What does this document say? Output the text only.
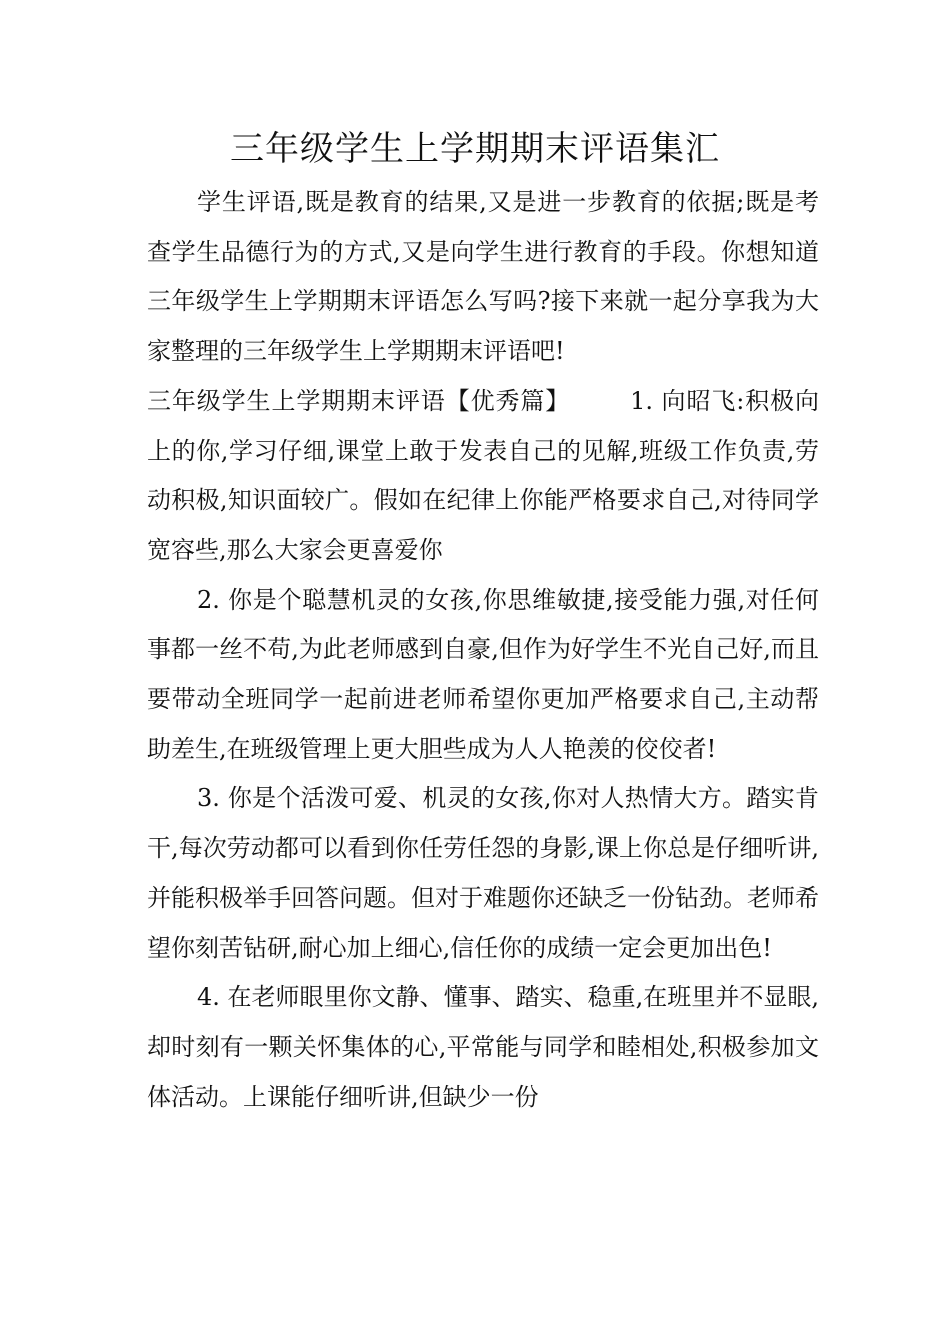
三年级学生上学期期末评语集汇

学生评语,既是教育的结果,又是进一步教育的依据;既是考查学生品德行为的方式,又是向学生进行教育的手段。你想知道三年级学生上学期期末评语怎么写吗?接下来就一起分享我为大家整理的三年级学生上学期期末评语吧!

三年级学生上学期期末评语【优秀篇】	1. 向昭飞:积极向上的你,学习仔细,课堂上敢于发表自己的见解,班级工作负责,劳动积极,知识面较广。假如在纪律上你能严格要求自己,对待同学宽容些,那么大家会更喜爱你

2. 你是个聪慧机灵的女孩,你思维敏捷,接受能力强,对任何事都一丝不苟,为此老师感到自豪,但作为好学生不光自己好,而且要带动全班同学一起前进老师希望你更加严格要求自己,主动帮助差生,在班级管理上更大胆些成为人人艳羡的佼佼者!

3. 你是个活泼可爱、机灵的女孩,你对人热情大方。踏实肯干,每次劳动都可以看到你任劳任怨的身影,课上你总是仔细听讲,并能积极举手回答问题。但对于难题你还缺乏一份钻劲。老师希望你刻苦钻研,耐心加上细心,信任你的成绩一定会更加出色!

4. 在老师眼里你文静、懂事、踏实、稳重,在班里并不显眼,却时刻有一颗关怀集体的心,平常能与同学和睦相处,积极参加文体活动。上课能仔细听讲,但缺少一份
